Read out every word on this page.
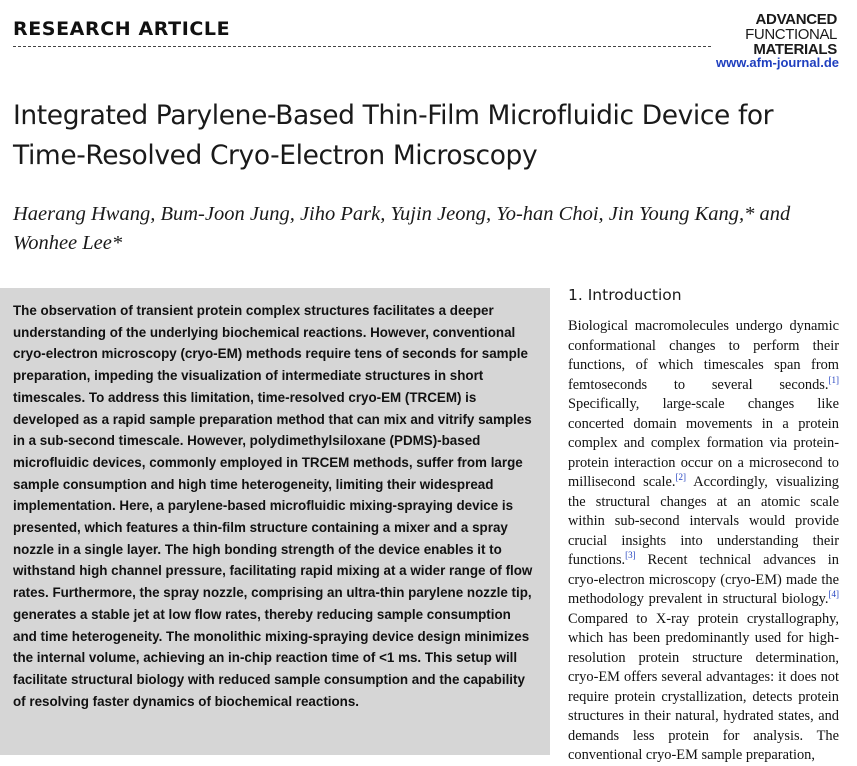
RESEARCH ARTICLE	ADVANCED
FUNCTIONAL
MATERIALS
www.afm-journal.de
Integrated Parylene-Based Thin-Film Microfluidic Device for Time-Resolved Cryo-Electron Microscopy

Haerang Hwang, Bum-Joon Jung, Jiho Park, Yujin Jeong, Yo-han Choi, Jin Young Kang,* and Wonhee Lee*

The observation of transient protein complex structures facilitates a deeper understanding of the underlying biochemical reactions. However, conventional cryo-electron microscopy (cryo-EM) methods require tens of seconds for sample preparation, impeding the visualization of intermediate structures in short timescales. To address this limitation, time-resolved cryo-EM (TRCEM) is developed as a rapid sample preparation method that can mix and vitrify samples in a sub-second timescale. However, polydimethylsiloxane (PDMS)-based microfluidic devices, commonly employed in TRCEM methods, suffer from large sample consumption and high time heterogeneity, limiting their widespread implementation. Here, a parylene-based microfluidic mixing-spraying device is presented, which features a thin-film structure containing a mixer and a spray nozzle in a single layer. The high bonding strength of the device enables it to withstand high channel pressure, facilitating rapid mixing at a wider range of flow rates. Furthermore, the spray nozzle, comprising an ultra-thin parylene nozzle tip, generates a stable jet at low flow rates, thereby reducing sample consumption and time heterogeneity. The monolithic mixing-spraying device design minimizes the internal volume, achieving an in-chip reaction time of <1 ms. This setup will facilitate structural biology with reduced sample consumption and the capability of resolving faster dynamics of biochemical reactions.

1. Introduction

Biological macromolecules undergo dynamic conformational changes to perform their functions, of which timescales span from femtoseconds to several seconds.[1] Specifically, large-scale changes like concerted domain movements in a protein complex and complex formation via protein-protein interaction occur on a microsecond to millisecond scale.[2] Accordingly, visualizing the structural changes at an atomic scale within sub-second intervals would provide crucial insights into understanding their functions.[3] Recent technical advances in cryo-electron microscopy (cryo-EM) made the methodology prevalent in structural biology.[4] Compared to X-ray protein crystallography, which has been predominantly used for high-resolution protein structure determination, cryo-EM offers several advantages: it does not require protein crystallization, detects protein structures in their natural, hydrated states, and demands less protein for analysis. The conventional cryo-EM sample preparation,
